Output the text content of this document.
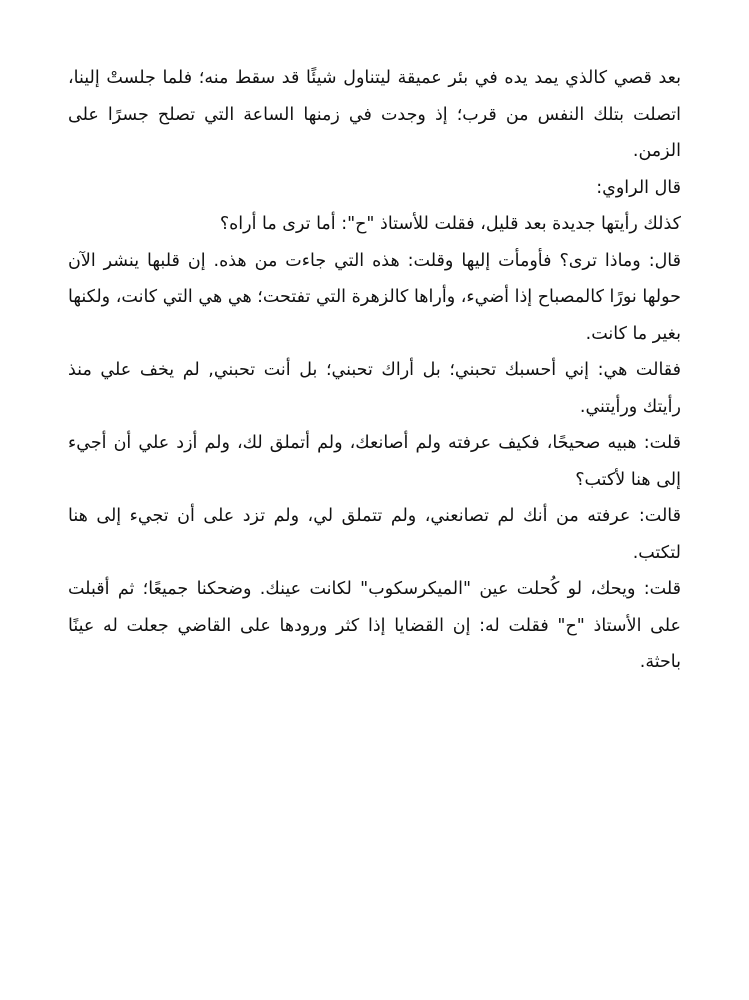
بعد قصي كالذي يمد يده في بئر عميقة ليتناول شيئًا قد سقط منه؛ فلما جلستْ إلينا، اتصلت بتلك النفس من قرب؛ إذ وجدت في زمنها الساعة التي تصلح جسرًا على الزمن.

قال الراوي:

كذلك رأيتها جديدة بعد قليل، فقلت للأستاذ "ح": أما ترى ما أراه؟

قال: وماذا ترى؟ فأومأت إليها وقلت: هذه التي جاءت من هذه. إن قلبها ينشر الآن حولها نورًا كالمصباح إذا أضيء، وأراها كالزهرة التي تفتحت؛ هي هي التي كانت، ولكنها بغير ما كانت.

فقالت هي: إني أحسبك تحبني؛ بل أراك تحبني؛ بل أنت تحبني, لم يخف علي منذ رأيتك ورأيتني.

قلت: هبيه صحيحًا، فكيف عرفته ولم أصانعك، ولم أتملق لك، ولم أزد علي أن أجيء إلى هنا لأكتب؟

قالت: عرفته من أنك لم تصانعني، ولم تتملق لي، ولم تزد على أن تجيء إلى هنا لتكتب.

قلت: ويحك، لو كُحلت عين "الميكرسكوب" لكانت عينك. وضحكنا جميعًا؛ ثم أقبلت على الأستاذ "ح" فقلت له: إن القضايا إذا كثر ورودها على القاضي جعلت له عينًا باحثة.
